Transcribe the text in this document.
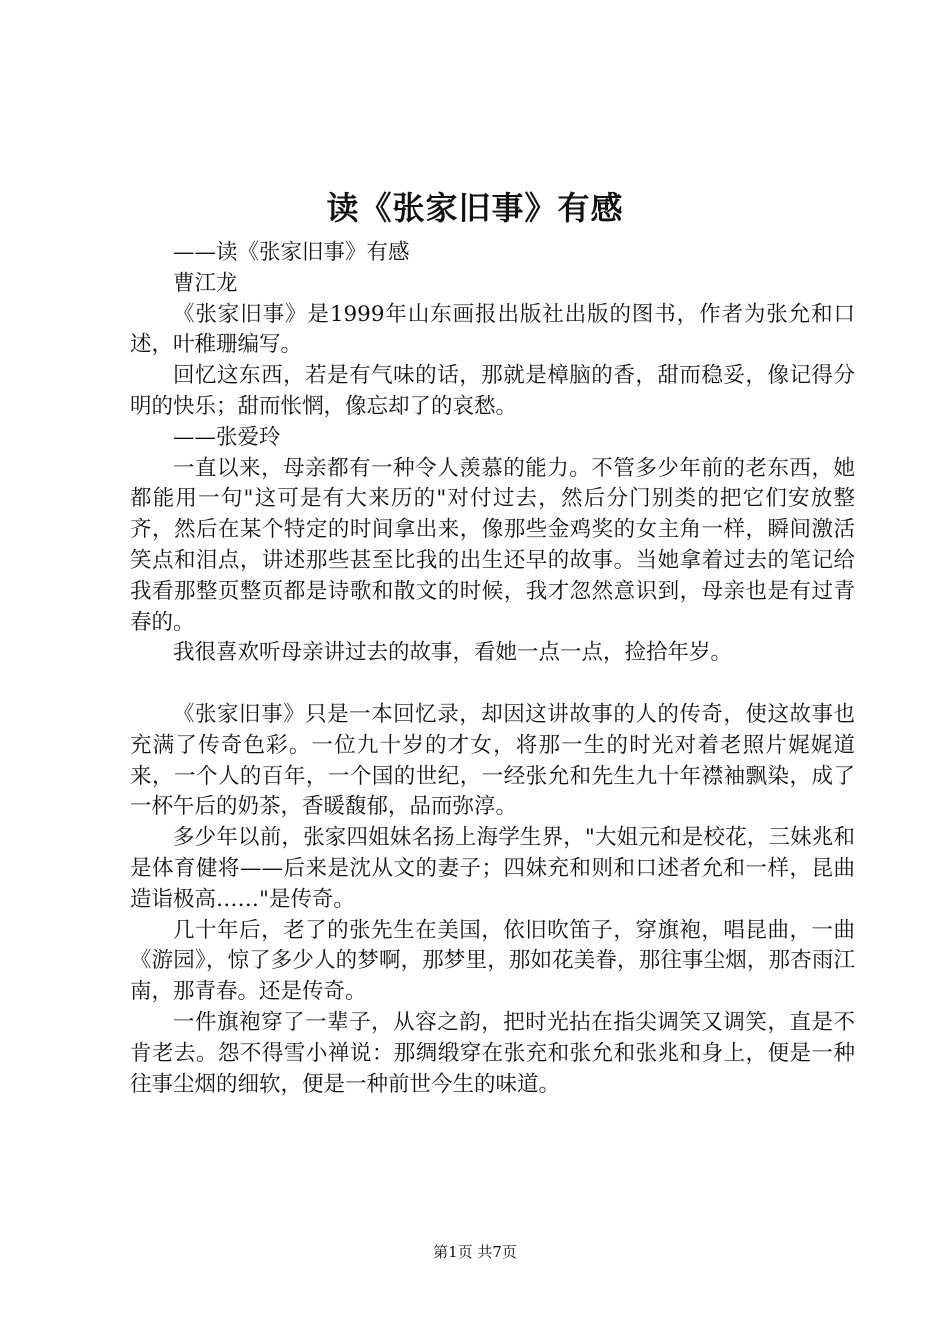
读《张家旧事》有感

——读《张家旧事》有感

曹江龙

《张家旧事》是1999年山东画报出版社出版的图书，作者为张允和口述，叶稚珊编写。

回忆这东西，若是有气味的话，那就是樟脑的香，甜而稳妥，像记得分明的快乐；甜而怅惘，像忘却了的哀愁。

——张爱玲

一直以来，母亲都有一种令人羡慕的能力。不管多少年前的老东西，她都能用一句"这可是有大来历的"对付过去，然后分门别类的把它们安放整齐，然后在某个特定的时间拿出来，像那些金鸡奖的女主角一样，瞬间激活笑点和泪点，讲述那些甚至比我的出生还早的故事。当她拿着过去的笔记给我看那整页整页都是诗歌和散文的时候，我才忽然意识到，母亲也是有过青春的。

我很喜欢听母亲讲过去的故事，看她一点一点，捡拾年岁。

《张家旧事》只是一本回忆录，却因这讲故事的人的传奇，使这故事也充满了传奇色彩。一位九十岁的才女，将那一生的时光对着老照片娓娓道来，一个人的百年，一个国的世纪，一经张允和先生九十年襟袖飘染，成了一杯午后的奶茶，香暖馥郁，品而弥淳。

多少年以前，张家四姐妹名扬上海学生界，"大姐元和是校花，三妹兆和是体育健将——后来是沈从文的妻子；四妹充和则和口述者允和一样，昆曲造诣极高……"是传奇。

几十年后，老了的张先生在美国，依旧吹笛子，穿旗袍，唱昆曲，一曲《游园》，惊了多少人的梦啊，那梦里，那如花美眷，那往事尘烟，那杏雨江南，那青春。还是传奇。

一件旗袍穿了一辈子，从容之韵，把时光拈在指尖调笑又调笑，直是不肯老去。怨不得雪小禅说：那绸缎穿在张充和张允和张兆和身上，便是一种往事尘烟的细软，便是一种前世今生的味道。

第1页 共7页
